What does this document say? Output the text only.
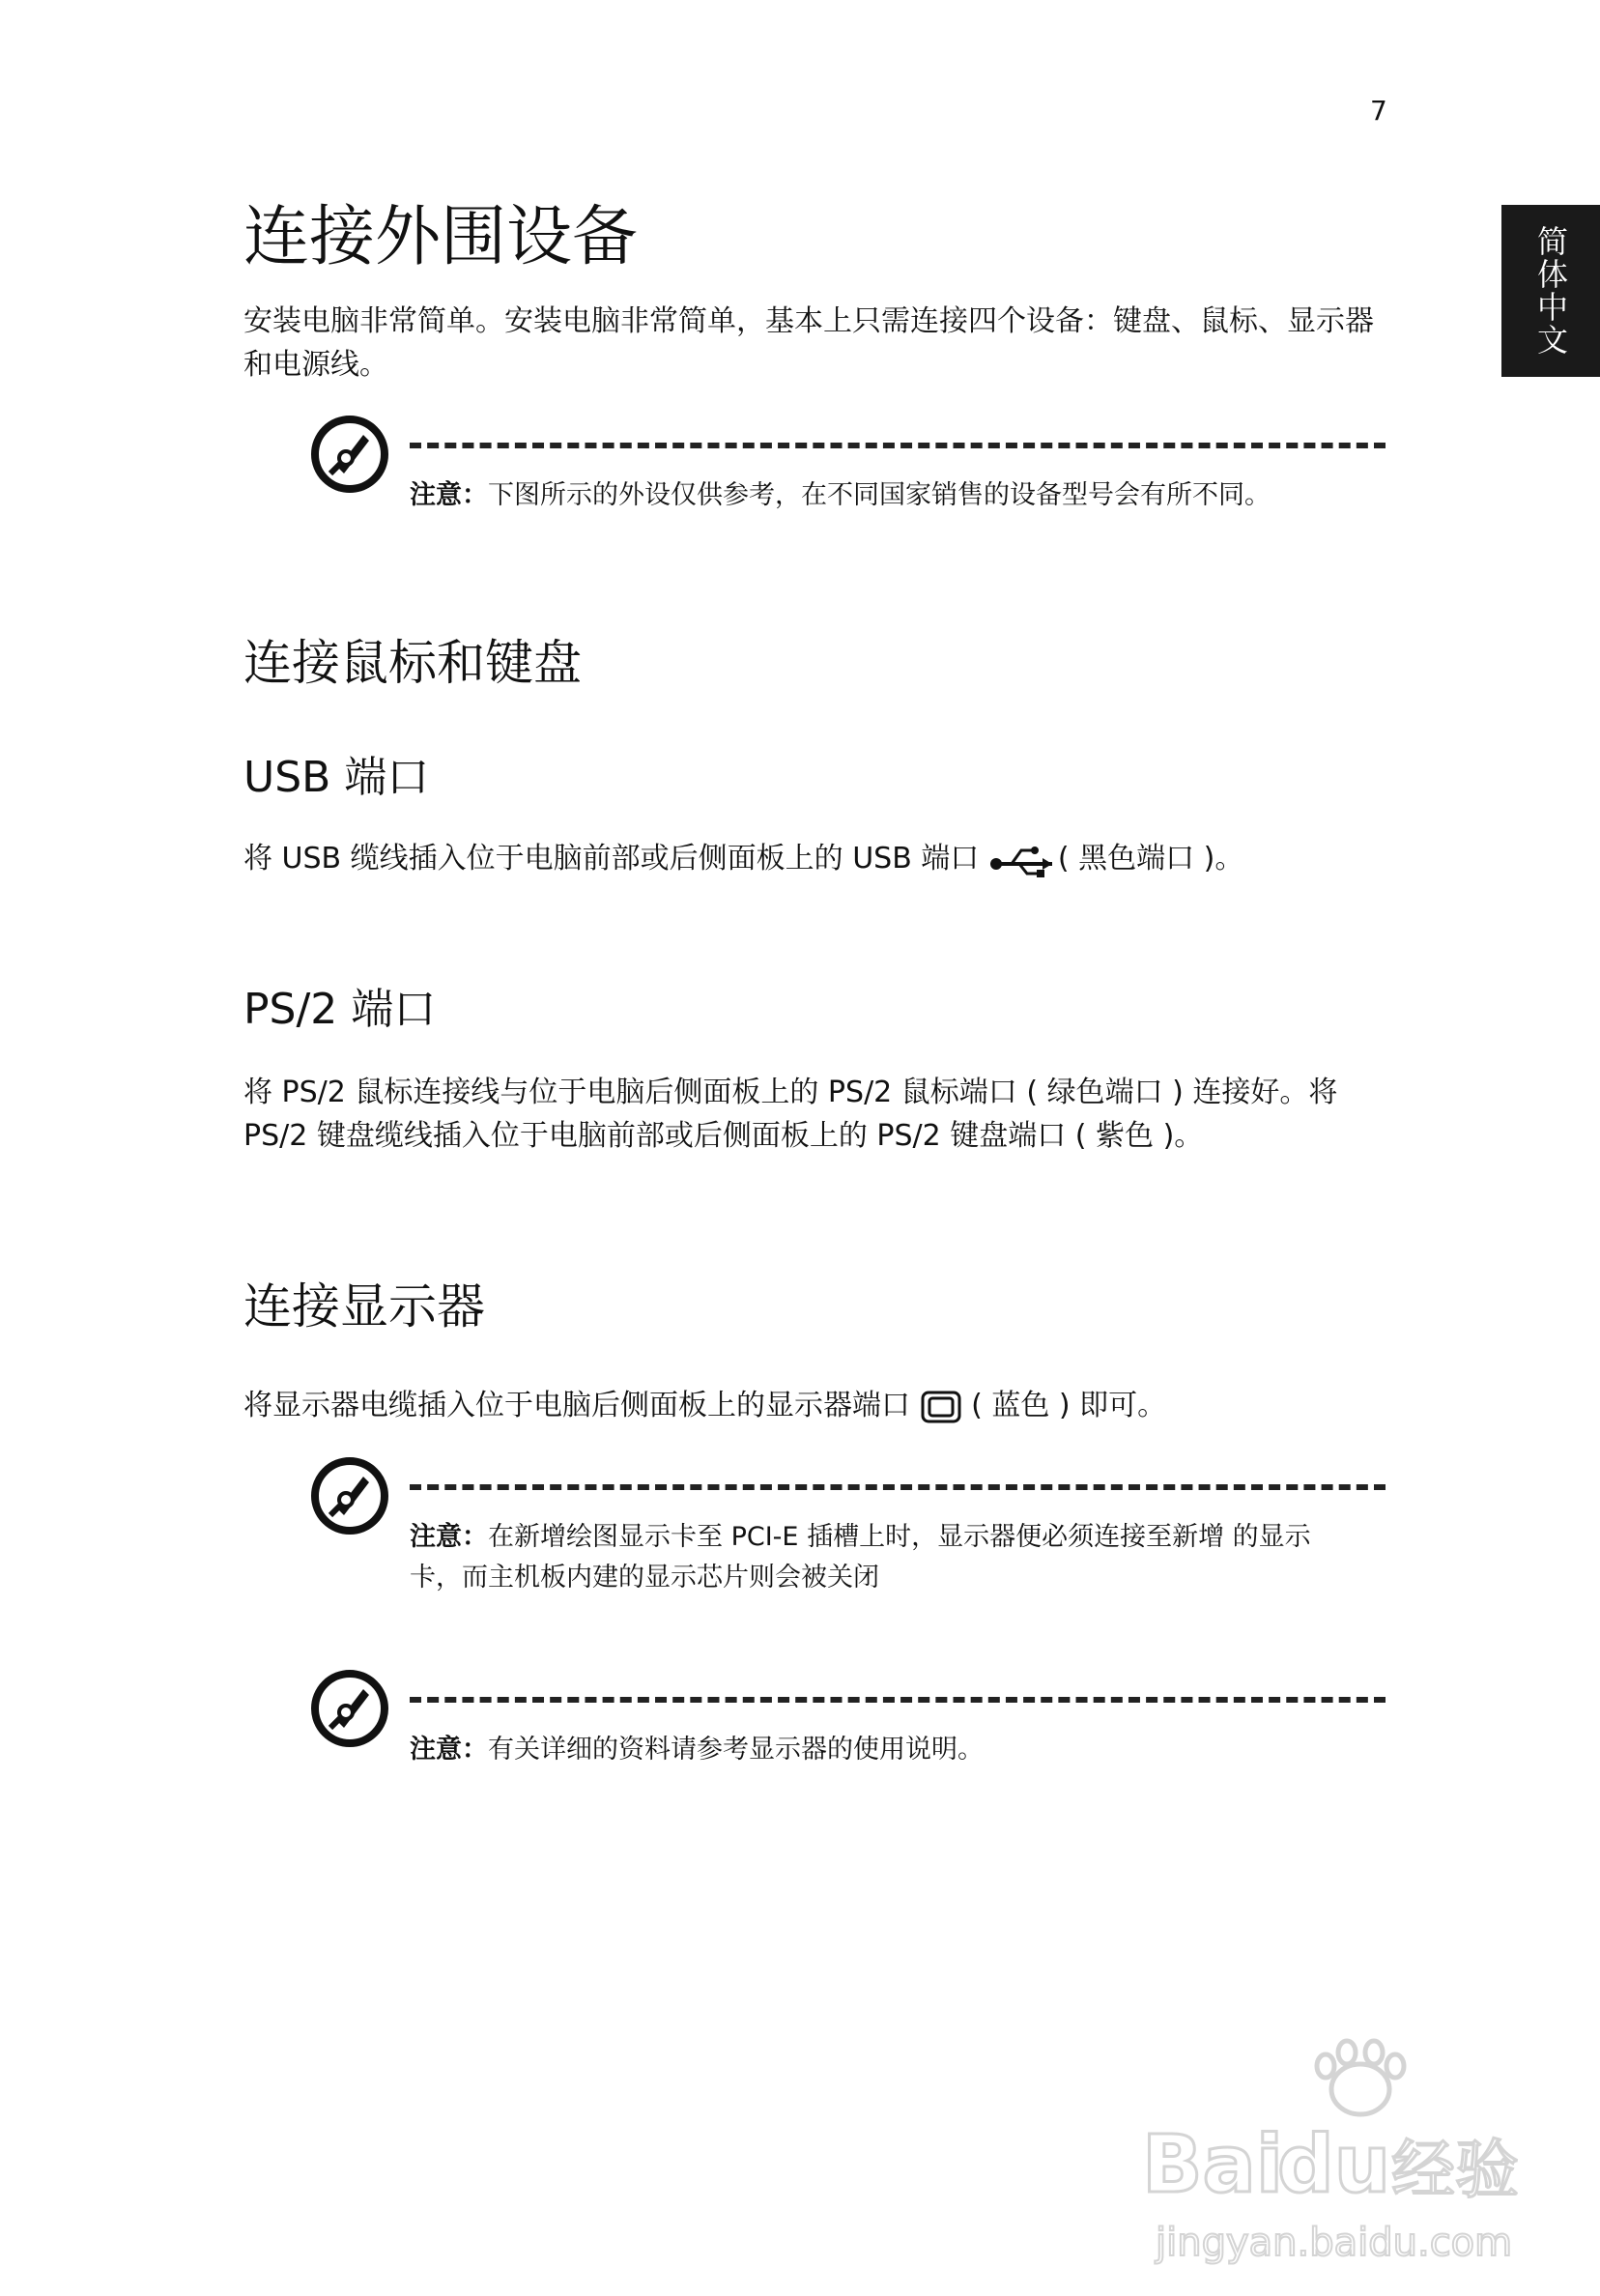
7
简体中文
连接外围设备
安装电脑非常简单。安装电脑非常简单，基本上只需连接四个设备：键盘、鼠标、显示器和电源线。
注意：下图所示的外设仅供参考，在不同国家销售的设备型号会有所不同。
连接鼠标和键盘
USB 端口
将 USB 缆线插入位于电脑前部或后侧面板上的 USB 端口 ( 黑色端口 )。
PS/2 端口
将 PS/2 鼠标连接线与位于电脑后侧面板上的 PS/2 鼠标端口 ( 绿色端口 ) 连接好。将 PS/2 键盘缆线插入位于电脑前部或后侧面板上的 PS/2 键盘端口 ( 紫色 )。
连接显示器
将显示器电缆插入位于电脑后侧面板上的显示器端口  ( 蓝色 ) 即可。
注意：在新增绘图显示卡至 PCI-E 插槽上时，显示器便必须连接至新增 的显示卡，而主机板内建的显示芯片则会被关闭
注意：有关详细的资料请参考显示器的使用说明。
Bai
du 经验
jingyan.baidu.com
